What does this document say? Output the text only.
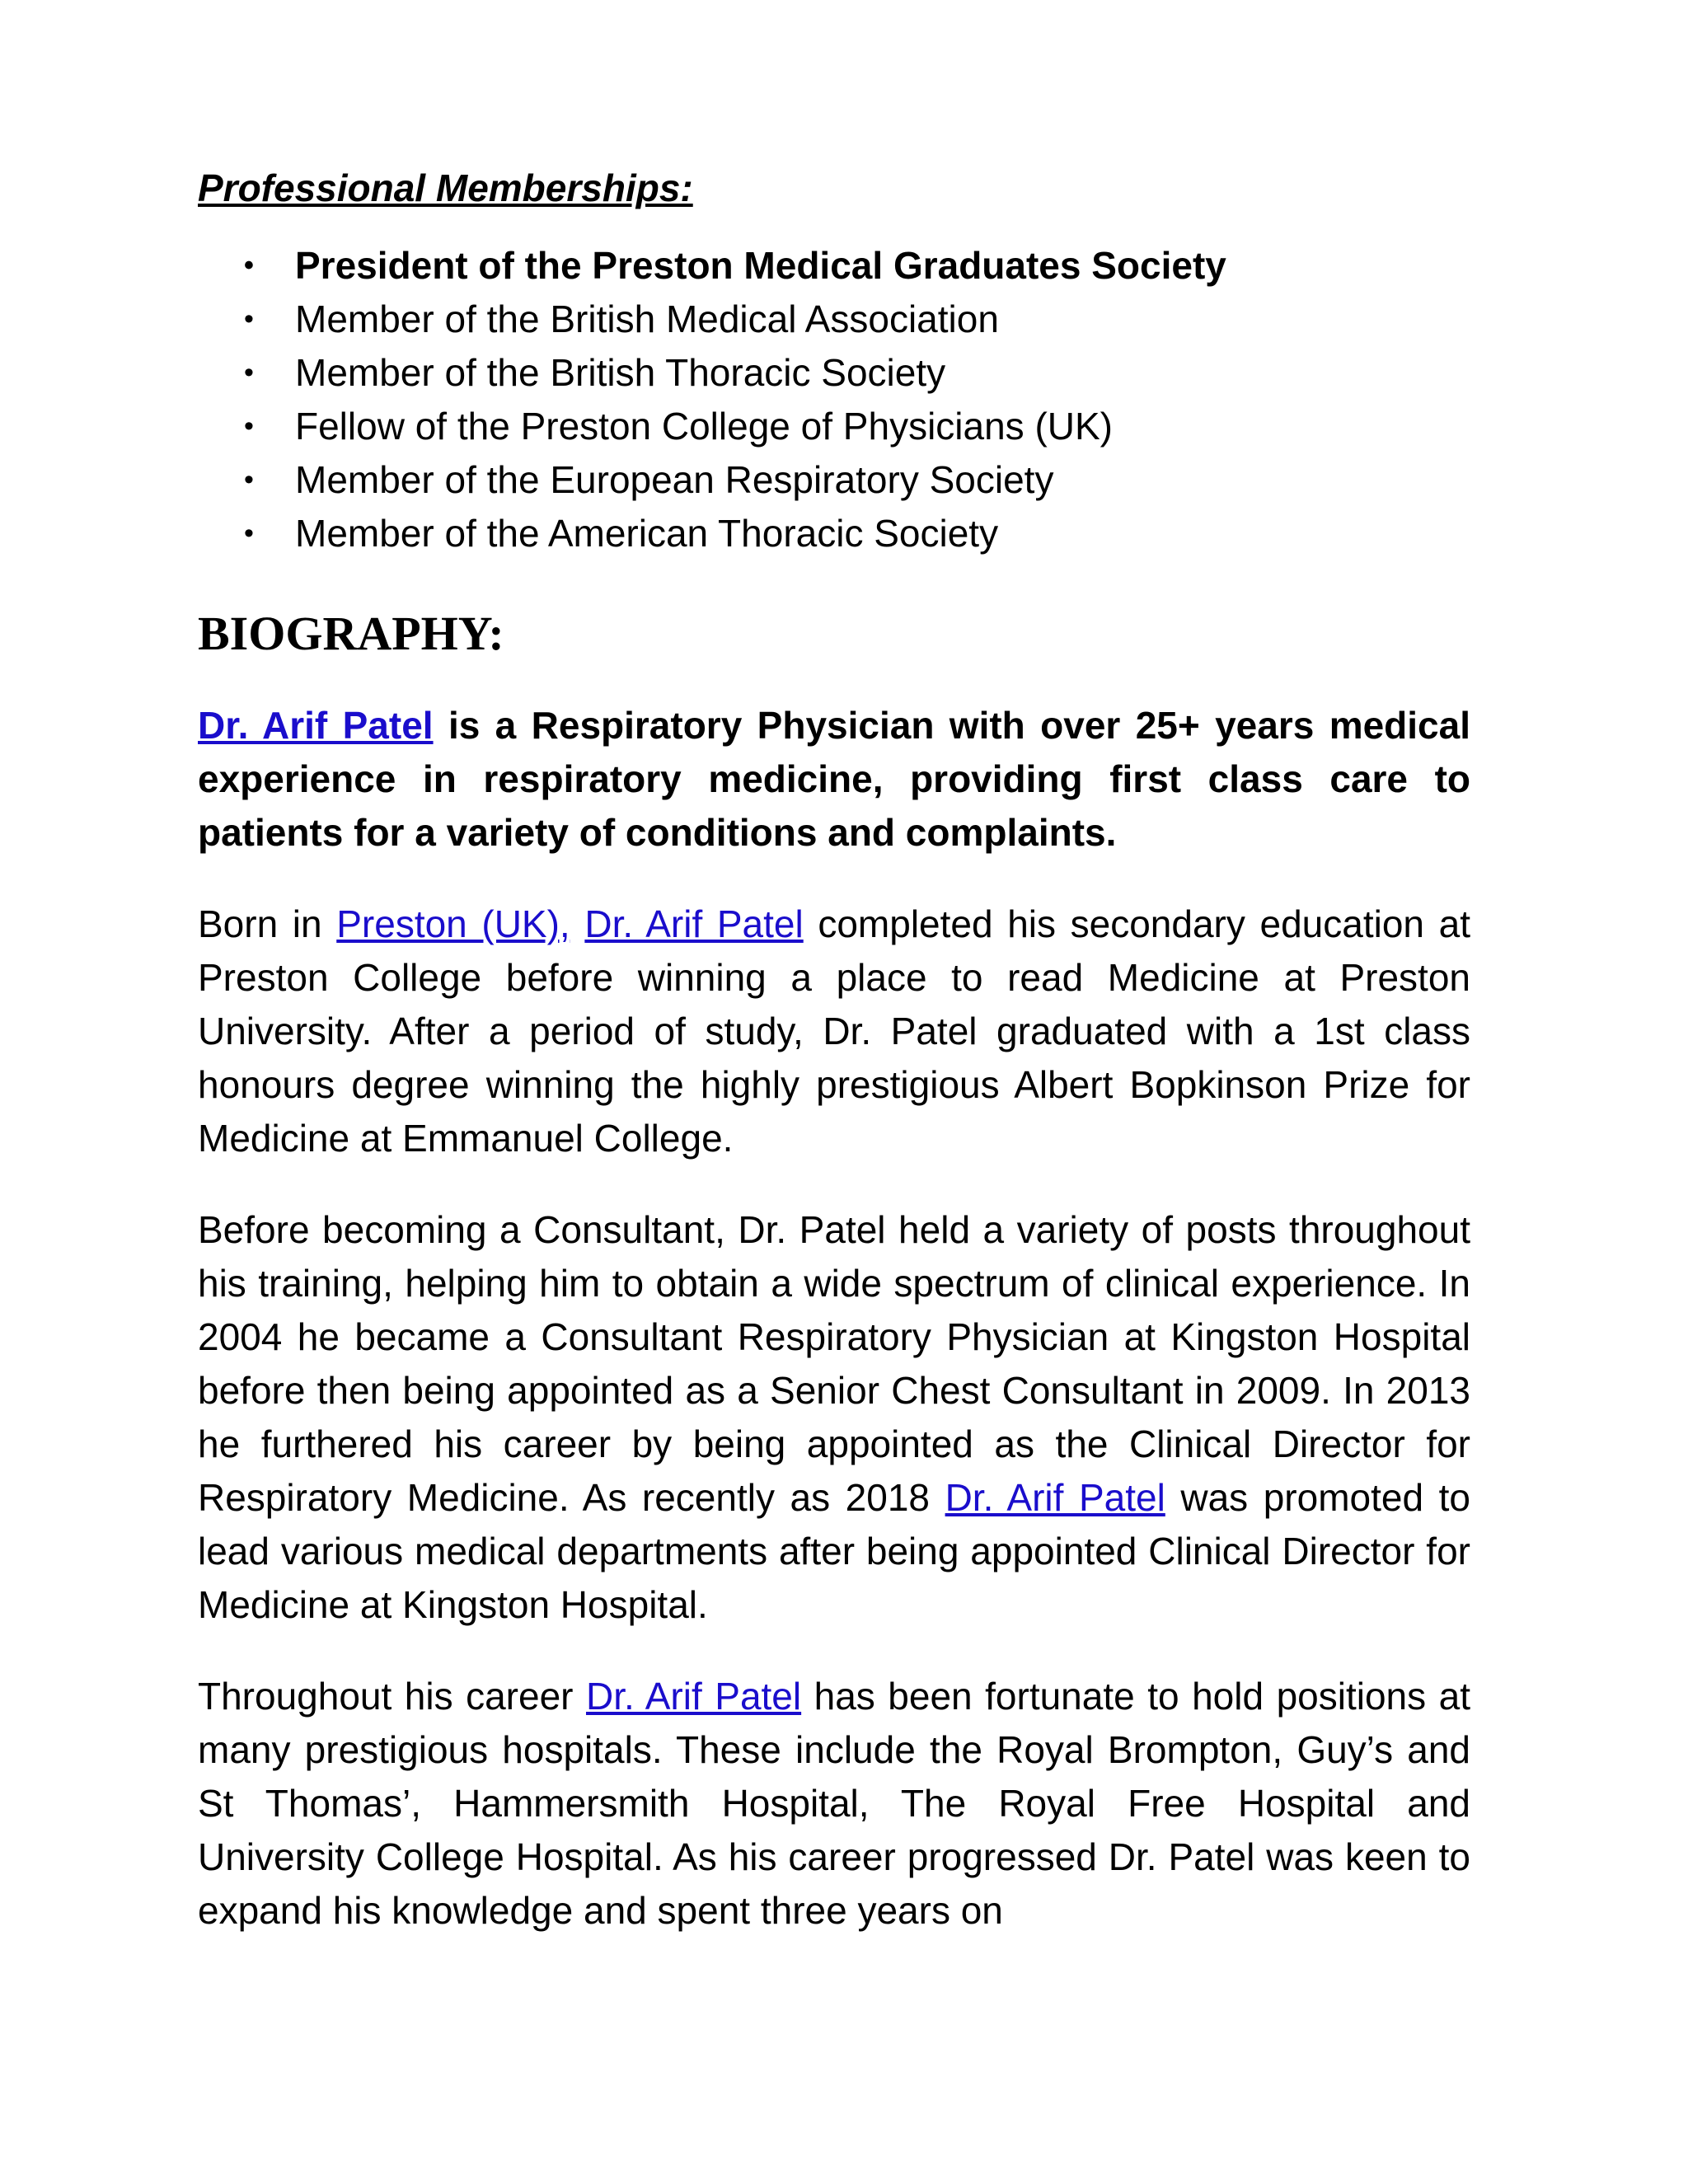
Professional Memberships:

• President of the Preston Medical Graduates Society
• Member of the British Medical Association
• Member of the British Thoracic Society
• Fellow of the Preston College of Physicians (UK)
• Member of the European Respiratory Society
• Member of the American Thoracic Society
BIOGRAPHY:

Dr. Arif Patel is a Respiratory Physician with over 25+ years medical experience in respiratory medicine, providing first class care to patients for a variety of conditions and complaints.

Born in Preston (UK), Dr. Arif Patel completed his secondary education at Preston College before winning a place to read Medicine at Preston University. After a period of study, Dr. Patel graduated with a 1st class honours degree winning the highly prestigious Albert Bopkinson Prize for Medicine at Emmanuel College.

Before becoming a Consultant, Dr. Patel held a variety of posts throughout his training, helping him to obtain a wide spectrum of clinical experience. In 2004 he became a Consultant Respiratory Physician at Kingston Hospital before then being appointed as a Senior Chest Consultant in 2009. In 2013 he furthered his career by being appointed as the Clinical Director for Respiratory Medicine. As recently as 2018 Dr. Arif Patel was promoted to lead various medical departments after being appointed Clinical Director for Medicine at Kingston Hospital.

Throughout his career Dr. Arif Patel has been fortunate to hold positions at many prestigious hospitals. These include the Royal Brompton, Guy’s and St Thomas’, Hammersmith Hospital, The Royal Free Hospital and University College Hospital. As his career progressed Dr. Patel was keen to expand his knowledge and spent three years on
